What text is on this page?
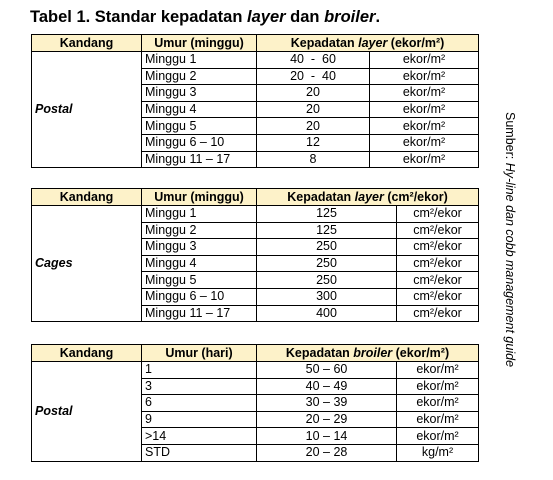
Tabel 1. Standar kepadatan layer dan broiler.
Kandang	Umur (minggu)	Kepadatan layer (ekor/m²)	
Postal	Minggu 1	40  -  60	ekor/m²
	Minggu 2	20  -  40	ekor/m²
	Minggu 3	20	ekor/m²
	Minggu 4	20	ekor/m²
	Minggu 5	20	ekor/m²
	Minggu 6 – 10	12	ekor/m²
	Minggu 11 – 17	8	ekor/m²
Kandang	Umur (minggu)	Kepadatan layer (cm²/ekor)	
Cages	Minggu 1	125	cm²/ekor
	Minggu 2	125	cm²/ekor
	Minggu 3	250	cm²/ekor
	Minggu 4	250	cm²/ekor
	Minggu 5	250	cm²/ekor
	Minggu 6 – 10	300	cm²/ekor
	Minggu 11 – 17	400	cm²/ekor
Kandang	Umur (hari)	Kepadatan broiler (ekor/m²)	
Postal	1	50 – 60	ekor/m²
	3	40 – 49	ekor/m²
	6	30 – 39	ekor/m²
	9	20 – 29	ekor/m²
	>14	10 – 14	ekor/m²
	STD	20 – 28	kg/m²
Sumber: Hy-line dan cobb management guide
